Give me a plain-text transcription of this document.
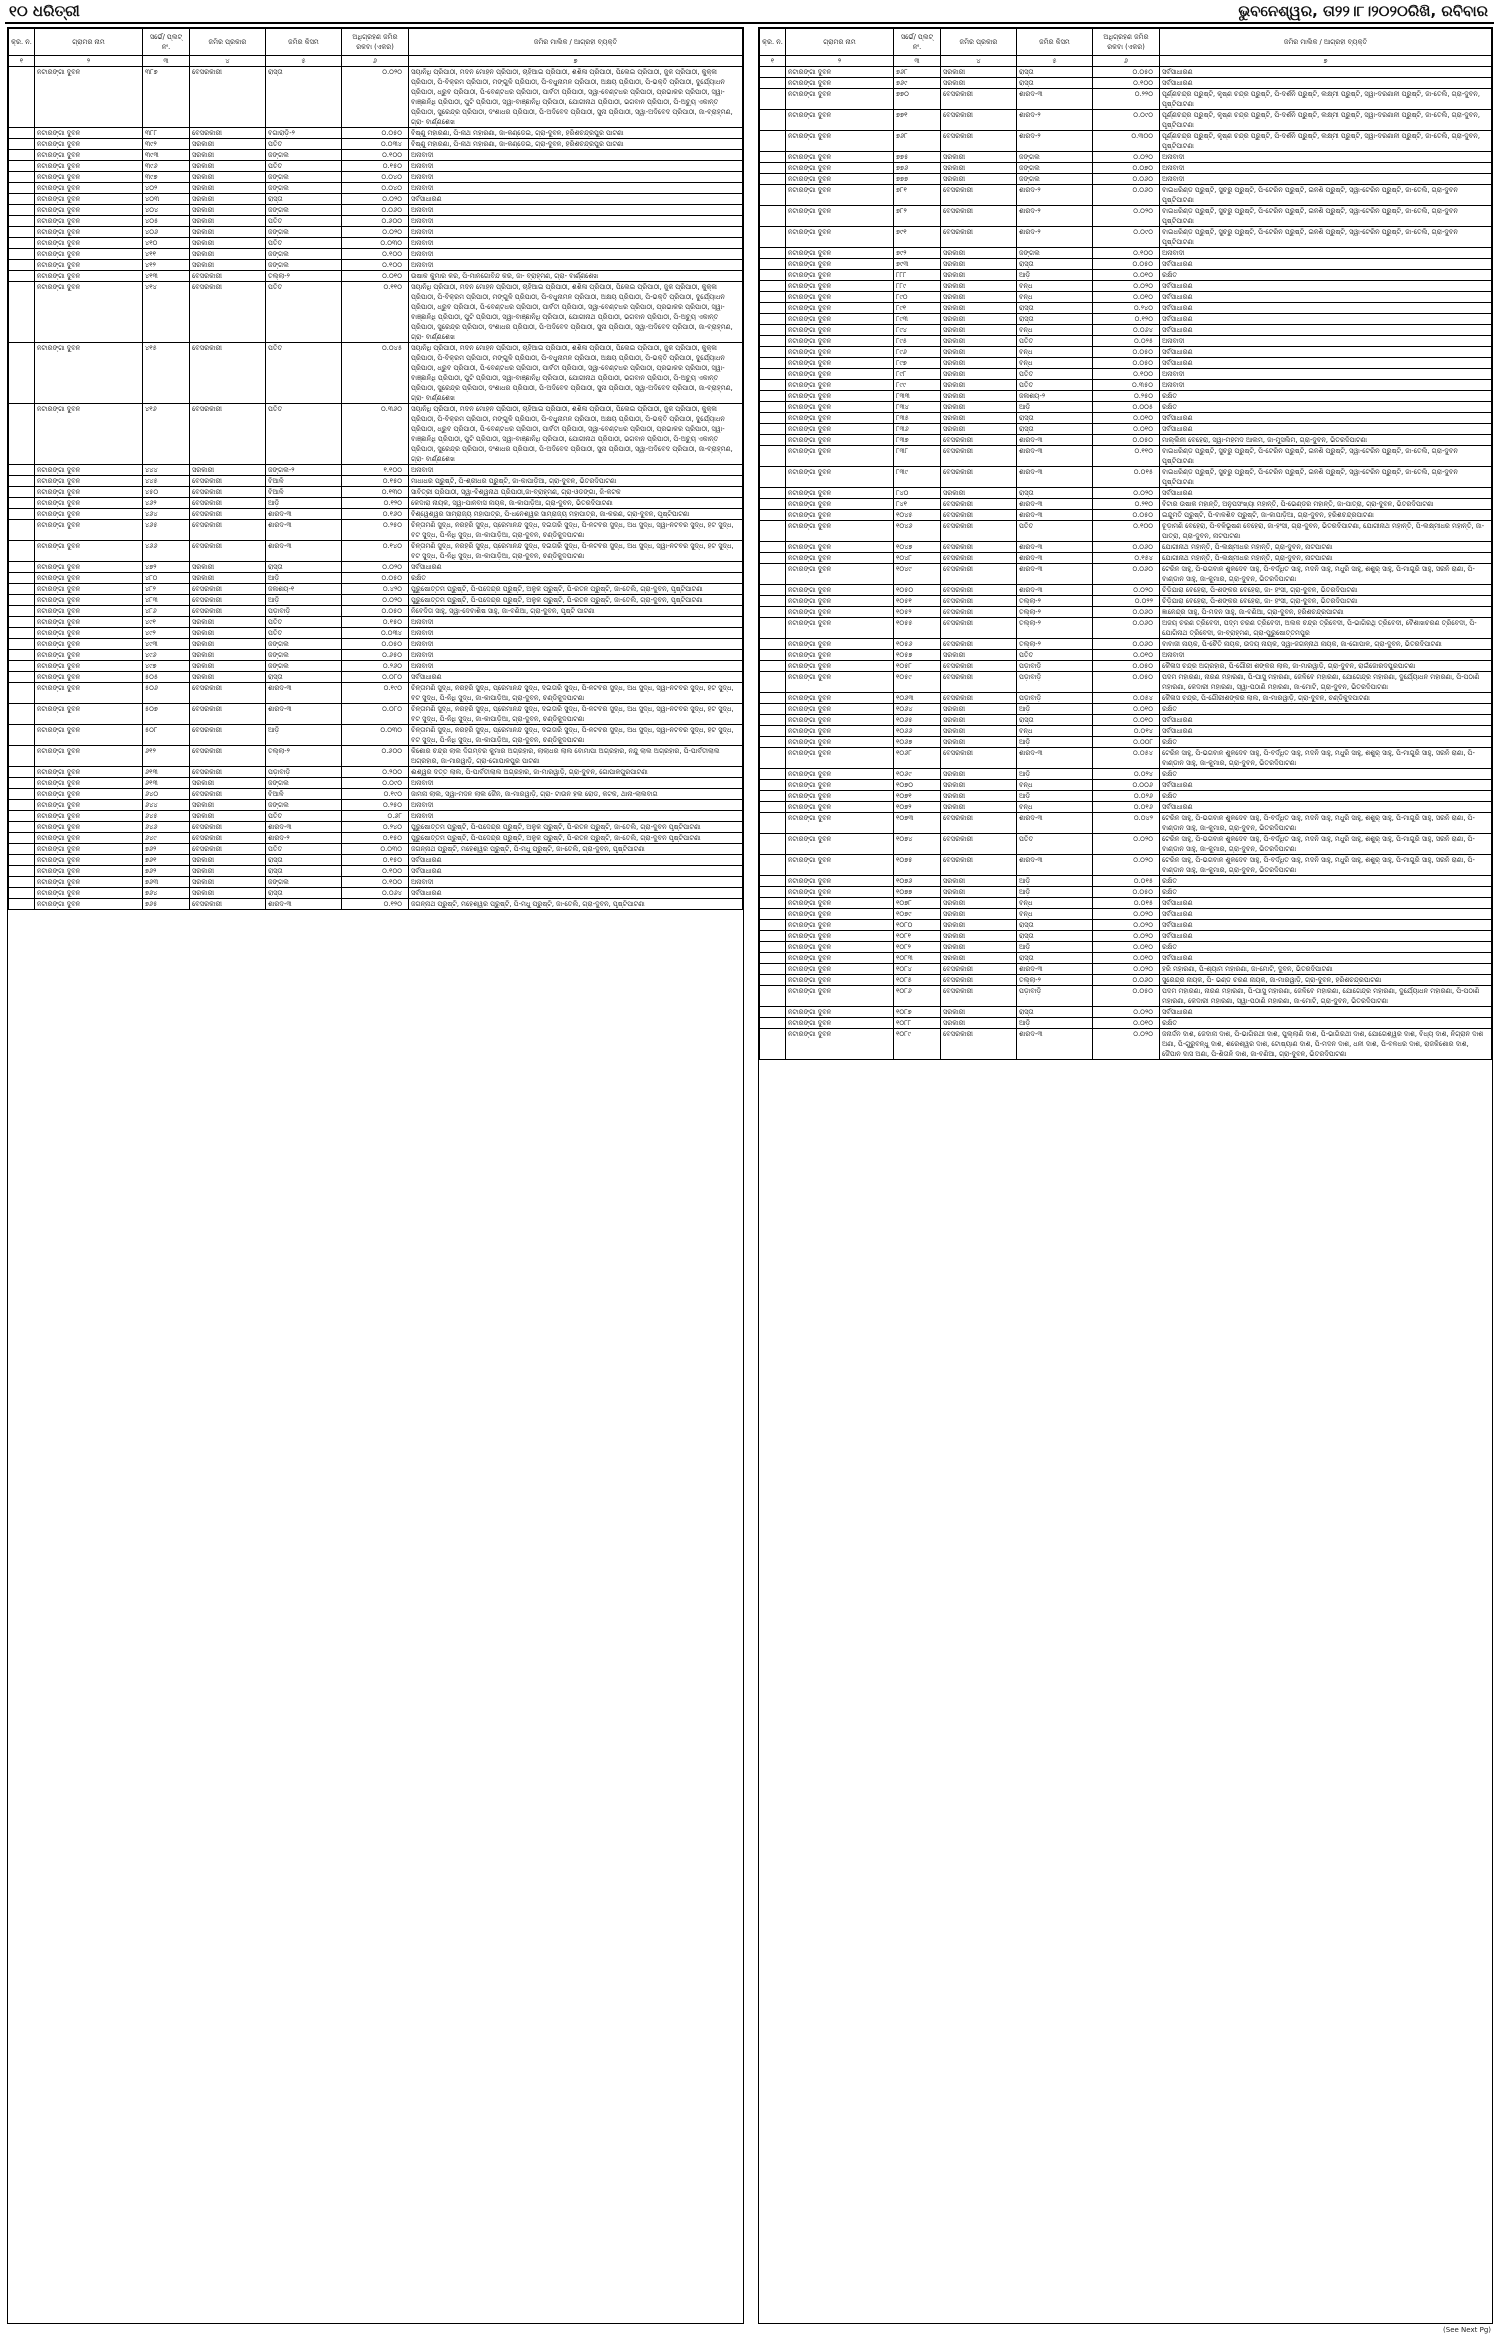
୧୦ ଧରିତ୍ରୀ	ଭୁବନେଶ୍ୱର, ତା୨୨।୮।୨୦୨୦ରିଖି, ରବିବାର
କ୍ର. ନ.	ଗ୍ରାମର ନାମ	ସର୍ଭେ/ ପ୍ଲଟ୍ ନଂ.	ଜମିର ପ୍ରକାର	ଜମିର କିସମ	ଅଧିଗ୍ରହଣ ଜମିର ରକବା (ଏକର)	ଜମିର ମାଲିକ / ଆଗ୍ରହୀ ବ୍ୟକ୍ତି
୧	୨	୩	୪	୫	୬	୭
	ନଟାରଙ୍ଗା ଦୁବନ	୩୮୭	ବେସରକାରୀ	ରାସ୍ତା	୦.୦୨୦	ସୟାନିଧି ପ୍ରିପାଠୀ, ମଦନ ମୋହନ ପ୍ରିପାଠୀ, ଚାହିଆଇ ପ୍ରିପାଠୀ, ଶଶିଳା ପ୍ରିପାଠୀ, ପିଲେଇ ପ୍ରିପାଠୀ, ଜୁକ ପ୍ରିପାଠୀ, କୁକ୍ଳା ପ୍ରିପାଠୀ, ପି-ବିକ୍ରମ ପ୍ରିପାଠୀ, ମଙ୍ଗୁଳି ପ୍ରିପାଠୀ, ପି-ବଧୁନାମନ ପ୍ରିପାଠୀ, ଅକ୍ଷୟ ପ୍ରିପାଠୀ, ପି-ଭକ୍ତି ପ୍ରିପାଠୀ, ଦୁର୍ଯ୍ୟୋଧନ ପ୍ରିପାଠୀ, ଧ୍ରୁବ ପ୍ରିପାଠୀ, ପି-ବେଣ୍ଟଧର ପ୍ରିପାଠୀ, ପାର୍ବତୀ ପ୍ରିପାଠୀ, ସ୍ୱା-ବେଣ୍ଟଧର ପ୍ରିପାଠୀ, ପ୍ରଭାକର ପ୍ରିପାଠୀ, ସ୍ୱା-ବାଞ୍ଛାନିଧି ପ୍ରିପାଠୀ, ପୁଟି ପ୍ରିପାଠୀ, ସ୍ୱା-ବାଞ୍ଛାନିଧି ପ୍ରିପାଠୀ, ଯୋଗୀନାଥ ପ୍ରିପାଠୀ, ଭଗବାନ ପ୍ରିପାଠୀ, ପି-ଅଚ୍ୟୁ ଏକାନ୍ତ ପ୍ରିପାଠୀ, ସୁରେନ୍ଦ୍ର ପ୍ରିପାଠୀ, ଦଂଶାଧର ପ୍ରିପାଠୀ, ପି-ଅଦିବେଦ ପ୍ରିପାଠୀ, ସୁନା ପ୍ରିପାଠୀ, ସ୍ୱା-ଅଦିବେଦ ପ୍ରିପାଠୀ, ଜା-ବ୍ରାହ୍ମଣ, ଗ୍ରା- ବାର୍ଣ୍ଣଶେଖ
	ନଟାରଙ୍ଗା ଦୁବନ	୩୮୮	ବେସରକାରୀ	ବଗାରାଡ଼ି-୨	୦.୦୫୦	ବିଷ୍ଣୁ ମହାରଣା, ପି-ନାଥ ମହାରଣା, ଜା-କଣ୍ଡେଇ, ଗ୍ରା-ଦୁବନ, ହରିଶଚନ୍ଦ୍ରପୁର ପାଟଣା
	ନଟାରଙ୍ଗା ଦୁବନ	୩୯୨	ସରକାରୀ	ପତିତ	୦.୦୩୪	ବିଷ୍ଣୁ ମହାରଣା, ପି-ନାଥ ମହାରଣା, ଜା-କଣ୍ଡେଇ, ଗ୍ରା-ଦୁବନ, ହରିଶଚନ୍ଦ୍ରପୁର ପାଟଣା
	ନଟାରଙ୍ଗା ଦୁବନ	୩୯୩	ସରକାରୀ	ଜଙ୍ଗଲ	୦.୧୦୦	ଅନାବାଦୀ
	ନଟାରଙ୍ଗା ଦୁବନ	୩୯୬	ସରକାରୀ	ପତିତ	୦.୧୫୦	ଅନାବାଦୀ
	ନଟାରଙ୍ଗା ଦୁବନ	୩୯୭	ସରକାରୀ	ଜଙ୍ଗଲ	୦.୦୪୦	ଅନାବାଦୀ
	ନଟାରଙ୍ଗା ଦୁବନ	୪୦୨	ସରକାରୀ	ଜଙ୍ଗଲ	୦.୦୪୦	ଅନାବାଦୀ
	ନଟାରଙ୍ଗା ଦୁବନ	୪୦୩	ସରକାରୀ	ରାସ୍ତା	୦.୦୨୦	ସର୍ବସାଧାରଣ
	ନଟାରଙ୍ଗା ଦୁବନ	୪୦୪	ସରକାରୀ	ଜଙ୍ଗଲ	୦.୦୬୦	ଅନାବାଦୀ
	ନଟାରଙ୍ଗା ଦୁବନ	୪୦୫	ସରକାରୀ	ପତିତ	୦.୬୦୦	ଅନାବାଦୀ
	ନଟାରଙ୍ଗା ଦୁବନ	୪୦୬	ସରକାରୀ	ଜଙ୍ଗଲ	୦.୦୨୦	ଅନାବାଦୀ
	ନଟାରଙ୍ଗା ଦୁବନ	୪୧୦	ସରକାରୀ	ପତିତ	୦.୦୩୦	ଅନାବାଦୀ
	ନଟାରଙ୍ଗା ଦୁବନ	୪୧୧	ସରକାରୀ	ଜଙ୍ଗଲ	୦.୧୦୦	ଅନାବାଦୀ
	ନଟାରଙ୍ଗା ଦୁବନ	୪୧୨	ସରକାରୀ	ଜଙ୍ଗଲ	୦.୧୦୦	ଅନାବାଦୀ
	ନଟାରଙ୍ଗା ଦୁବନ	୪୧୩	ବେସରକାରୀ	ତଲ୍ଲା-୨	୦.୦୧୦	ଉଷାକ କୁମାର କର, ପି-ମାନଗୋବିନ୍ଦ କର, ଜା- ବ୍ରାହ୍ମଣ, ଗ୍ରା- ବାର୍ଣ୍ଣଶେଖ
	ନଟାରଙ୍ଗା ଦୁବନ	୪୧୪	ବେସରକାରୀ	ପତିତ	୦.୧୧୦	ସୟାନିଧି ପ୍ରିପାଠୀ, ମଦନ ମୋହନ ପ୍ରିପାଠୀ, ଚାହିଆଇ ପ୍ରିପାଠୀ, ଶଶିଳା ପ୍ରିପାଠୀ, ପିଲେଇ ପ୍ରିପାଠୀ, ଜୁକ ପ୍ରିପାଠୀ, କୁକ୍ଳା ପ୍ରିପାଠୀ, ପି-ବିକ୍ରମ ପ୍ରିପାଠୀ, ମଙ୍ଗୁଳି ପ୍ରିପାଠୀ, ପି-ବଧୁନାମନ ପ୍ରିପାଠୀ, ଅକ୍ଷୟ ପ୍ରିପାଠୀ, ପି-ଭକ୍ତି ପ୍ରିପାଠୀ, ଦୁର୍ଯ୍ୟୋଧନ ପ୍ରିପାଠୀ, ଧ୍ରୁବ ପ୍ରିପାଠୀ, ପି-ବେଣ୍ଟଧର ପ୍ରିପାଠୀ, ପାର୍ବତୀ ପ୍ରିପାଠୀ, ସ୍ୱା-ବେଣ୍ଟଧର ପ୍ରିପାଠୀ, ପ୍ରଭାକର ପ୍ରିପାଠୀ, ସ୍ୱା-ବାଞ୍ଛାନିଧି ପ୍ରିପାଠୀ, ପୁଟି ପ୍ରିପାଠୀ, ସ୍ୱା-ବାଞ୍ଛାନିଧି ପ୍ରିପାଠୀ, ଯୋଗୀନାଥ ପ୍ରିପାଠୀ, ଭଗବାନ ପ୍ରିପାଠୀ, ପି-ଅଚ୍ୟୁ ଏକାନ୍ତ ପ୍ରିପାଠୀ, ସୁରେନ୍ଦ୍ର ପ୍ରିପାଠୀ, ଦଂଶାଧର ପ୍ରିପାଠୀ, ପି-ଅଦିବେଦ ପ୍ରିପାଠୀ, ସୁନା ପ୍ରିପାଠୀ, ସ୍ୱା-ଅଦିବେଦ ପ୍ରିପାଠୀ, ଜା-ବ୍ରାହ୍ମଣ, ଗ୍ରା- ବାର୍ଣ୍ଣଶେଖ
	ନଟାରଙ୍ଗା ଦୁବନ	୪୧୫	ବେସରକାରୀ	ପତିତ	୦.୦୪୫	ସୟାନିଧି ପ୍ରିପାଠୀ, ମଦନ ମୋହନ ପ୍ରିପାଠୀ, ଚାହିଆଇ ପ୍ରିପାଠୀ, ଶଶିଳା ପ୍ରିପାଠୀ, ପିଲେଇ ପ୍ରିପାଠୀ, ଜୁକ ପ୍ରିପାଠୀ, କୁକ୍ଳା ପ୍ରିପାଠୀ, ପି-ବିକ୍ରମ ପ୍ରିପାଠୀ, ମଙ୍ଗୁଳି ପ୍ରିପାଠୀ, ପି-ବଧୁନାମନ ପ୍ରିପାଠୀ, ଅକ୍ଷୟ ପ୍ରିପାଠୀ, ପି-ଭକ୍ତି ପ୍ରିପାଠୀ, ଦୁର୍ଯ୍ୟୋଧନ ପ୍ରିପାଠୀ, ଧ୍ରୁବ ପ୍ରିପାଠୀ, ପି-ବେଣ୍ଟଧର ପ୍ରିପାଠୀ, ପାର୍ବତୀ ପ୍ରିପାଠୀ, ସ୍ୱା-ବେଣ୍ଟଧର ପ୍ରିପାଠୀ, ପ୍ରଭାକର ପ୍ରିପାଠୀ, ସ୍ୱା-ବାଞ୍ଛାନିଧି ପ୍ରିପାଠୀ, ପୁଟି ପ୍ରିପାଠୀ, ସ୍ୱା-ବାଞ୍ଛାନିଧି ପ୍ରିପାଠୀ, ଯୋଗୀନାଥ ପ୍ରିପାଠୀ, ଭଗବାନ ପ୍ରିପାଠୀ, ପି-ଅଚ୍ୟୁ ଏକାନ୍ତ ପ୍ରିପାଠୀ, ସୁରେନ୍ଦ୍ର ପ୍ରିପାଠୀ, ଦଂଶାଧର ପ୍ରିପାଠୀ, ପି-ଅଦିବେଦ ପ୍ରିପାଠୀ, ସୁନା ପ୍ରିପାଠୀ, ସ୍ୱା-ଅଦିବେଦ ପ୍ରିପାଠୀ, ଜା-ବ୍ରାହ୍ମଣ, ଗ୍ରା- ବାର୍ଣ୍ଣଶେଖ
	ନଟାରଙ୍ଗା ଦୁବନ	୪୧୬	ବେସରକାରୀ	ପତିତ	୦.୩୬୦	ସୟାନିଧି ପ୍ରିପାଠୀ, ମଦନ ମୋହନ ପ୍ରିପାଠୀ, ଚାହିଆଇ ପ୍ରିପାଠୀ, ଶଶିଳା ପ୍ରିପାଠୀ, ପିଲେଇ ପ୍ରିପାଠୀ, ଜୁକ ପ୍ରିପାଠୀ, କୁକ୍ଳା ପ୍ରିପାଠୀ, ପି-ବିକ୍ରମ ପ୍ରିପାଠୀ, ମଙ୍ଗୁଳି ପ୍ରିପାଠୀ, ପି-ବଧୁନାମନ ପ୍ରିପାଠୀ, ଅକ୍ଷୟ ପ୍ରିପାଠୀ, ପି-ଭକ୍ତି ପ୍ରିପାଠୀ, ଦୁର୍ଯ୍ୟୋଧନ ପ୍ରିପାଠୀ, ଧ୍ରୁବ ପ୍ରିପାଠୀ, ପି-ବେଣ୍ଟଧର ପ୍ରିପାଠୀ, ପାର୍ବତୀ ପ୍ରିପାଠୀ, ସ୍ୱା-ବେଣ୍ଟଧର ପ୍ରିପାଠୀ, ପ୍ରଭାକର ପ୍ରିପାଠୀ, ସ୍ୱା-ବାଞ୍ଛାନିଧି ପ୍ରିପାଠୀ, ପୁଟି ପ୍ରିପାଠୀ, ସ୍ୱା-ବାଞ୍ଛାନିଧି ପ୍ରିପାଠୀ, ଯୋଗୀନାଥ ପ୍ରିପାଠୀ, ଭଗବାନ ପ୍ରିପାଠୀ, ପି-ଅଚ୍ୟୁ ଏକାନ୍ତ ପ୍ରିପାଠୀ, ସୁରେନ୍ଦ୍ର ପ୍ରିପାଠୀ, ଦଂଶାଧର ପ୍ରିପାଠୀ, ପି-ଅଦିବେଦ ପ୍ରିପାଠୀ, ସୁନା ପ୍ରିପାଠୀ, ସ୍ୱା-ଅଦିବେଦ ପ୍ରିପାଠୀ, ଜା-ବ୍ରାହ୍ମଣ, ଗ୍ରା- ବାର୍ଣ୍ଣଶେଖ
	ନଟାରଙ୍ଗା ଦୁବନ	୪୪୪	ସରକାରୀ	ଜଙ୍ଗଲ-୨	୧.୧୦୦	ଅନାବାଦୀ
	ନଟାରଙ୍ଗା ଦୁବନ	୪୪୫	ବେସରକାରୀ	ବିଆଳି	୦.୧୫୦	ମାଧାଧର ପ୍ରୁଷ୍ଟି, ପି-ଶ୍ରୀଧର ପ୍ରୁଷ୍ଟି, ଜା-କାପାଡ଼ିଆ, ଗ୍ରା-ଦୁବନ, ଭିତରଦିପାଟଣା
	ନଟାରଙ୍ଗା ଦୁବନ	୪୫୦	ବେସରକାରୀ	ବିଆଳି	୦.୧୩୦	ସାବିତ୍ରୀ ପ୍ରିପାଠୀ, ସ୍ୱା-ବିଶ୍ୱନାଥ ପ୍ରିପାଠୀ,ଜା-ବ୍ରାହ୍ମଣ, ଗ୍ରା-ଓଡଙ୍ଗା, ଜି-କଟକ
	ନଟାରଙ୍ଗା ଦୁବନ	୪୬୨	ବେସରକାରୀ	ଆଡ଼ି	୦.୧୨୦	କେଦାରା ନାୟକ, ସ୍ୱା-ପାନବାସ ନାୟକ, ଜା-କାପାଡ଼ିଆ, ଗ୍ରା-ଦୁବନ, ଭିତରଦିପାଟଣା
	ନଟାରଙ୍ଗା ଦୁବନ	୪୬୪	ବେସରକାରୀ	ଶାରଦ-୩	୦.୧୬୦	ବିଶ୍ୱେଶ୍ୱର ସାମ୍ରାଜ୍ୟ ମହାପାତ୍ର, ପି-ଧନେଶ୍ୱର ସାମ୍ରାଜ୍ୟ ମହାପାତ୍ର, ଜା-କରଣ, ଗ୍ରା-ଦୁବନ, ପୃଷ୍ଟିପାଟଣା
	ନଟାରଙ୍ଗା ଦୁବନ	୪୬୫	ବେସରକାରୀ	ଶାରଦ-୩	୦.୨୫୦	ଚିନ୍ତାମଣି ସୁଦ୍ଧ, ନରହରି ସୁଦ୍ଧ, ପ୍ରେମାନନ୍ଦ ସୁଦ୍ଧ, ଦଇତାରି ସୁଦ୍ଧ, ପି-ନଟବର ସୁଦ୍ଧ, ଅଧ ସୁଦ୍ଧ, ସ୍ୱା-ନଟବର ସୁଦ୍ଧ, ହଟ ସୁଦ୍ଧ, ବଟ ସୁଦ୍ଧ, ପି-ନିଧି ସୁଦ୍ଧ, ଜା-କାପାଡ଼ିଆ, ଗ୍ରା-ଦୁବନ, ଚଣ୍ଡିକୁଦପାଟଣା
	ନଟାରଙ୍ଗା ଦୁବନ	୪୬୬	ବେସରକାରୀ	ଶାରଦ-୩	୦.୧୪୦	ଚିନ୍ତାମଣି ସୁଦ୍ଧ, ନରହରି ସୁଦ୍ଧ, ପ୍ରେମାନନ୍ଦ ସୁଦ୍ଧ, ଦଇତାରି ସୁଦ୍ଧ, ପି-ନଟବର ସୁଦ୍ଧ, ଅଧ ସୁଦ୍ଧ, ସ୍ୱା-ନଟବର ସୁଦ୍ଧ, ହଟ ସୁଦ୍ଧ, ବଟ ସୁଦ୍ଧ, ପି-ନିଧି ସୁଦ୍ଧ, ଜା-କାପାଡ଼ିଆ, ଗ୍ରା-ଦୁବନ, ଚଣ୍ଡିକୁଦପାଟଣା
	ନଟାରଙ୍ଗା ଦୁବନ	୪୭୨	ସରକାରୀ	ରାସ୍ତା	୦.୦୨୦	ସର୍ବସାଧାରଣ
	ନଟାରଙ୍ଗା ଦୁବନ	୪୮୦	ସରକାରୀ	ଆଡ଼ି	୦.୦୫୦	ରକ୍ଷିତ
	ନଟାରଙ୍ଗା ଦୁବନ	୪୮୨	ବେସରକାରୀ	ଜଳାଶୟ-୧	୦.୪୨୦	ପୁରୁଷୋତ୍ତମ ପ୍ରୁଷ୍ଟି, ପି-ପଦେନ୍ଦ୍ର ପ୍ରୁଷ୍ଟି, ଅଳୁକ ପ୍ରୁଷ୍ଟି, ପି-ରତନ ପ୍ରୁଷ୍ଟି, ଜା-ତେଲି, ଗ୍ରା-ଦୁବନ, ପୃଷ୍ଟିପାଟଣା
	ନଟାରଙ୍ଗା ଦୁବନ	୪୮୩	ବେସରକାରୀ	ଆଡ଼ି	୦.୦୨୦	ପୁରୁଷୋତ୍ତମ ପ୍ରୁଷ୍ଟି, ପି-ପଦେନ୍ଦ୍ର ପ୍ରୁଷ୍ଟି, ଅଳୁକ ପ୍ରୁଷ୍ଟି, ପି-ରତନ ପ୍ରୁଷ୍ଟି, ଜା-ତେଲି, ଗ୍ରା-ଦୁବନ, ପୃଷ୍ଟିପାଟଣା
	ନଟାରଙ୍ଗା ଦୁବନ	୪୮୬	ବେସରକାରୀ	ପଡ଼ାବାଡ଼ି	୦.୦୫୦	ନିବେଦିତା ସାହୁ, ସ୍ୱା-ଦେବାଶିଷ ସାହୁ, ଜା-ବଣିଆ, ଗ୍ରା-ଦୁବନ, ପୃଷ୍ଟି ପାଟଣା
	ନଟାରଙ୍ଗା ଦୁବନ	୪୯୧	ସରକାରୀ	ପତିତ	୦.୧୫୦	ଅନାବାଦୀ
	ନଟାରଙ୍ଗା ଦୁବନ	୪୯୨	ସରକାରୀ	ପତିତ	୦.୦୩୪	ଅନାବାଦୀ
	ନଟାରଙ୍ଗା ଦୁବନ	୪୯୩	ସରକାରୀ	ଜଙ୍ଗଲ	୦.୦୫୦	ଅନାବାଦୀ
	ନଟାରଙ୍ଗା ଦୁବନ	୪୯୬	ସରକାରୀ	ଜଙ୍ଗଲ	୦.୬୫୦	ଅନାବାଦୀ
	ନଟାରଙ୍ଗା ଦୁବନ	୪୯୭	ସରକାରୀ	ଜଙ୍ଗଲ	୦.୨୬୦	ଅନାବାଦୀ
	ନଟାରଙ୍ଗା ଦୁବନ	୫୦୫	ସରକାରୀ	ରାସ୍ତା	୦.୦୮୦	ସର୍ବସାଧାରଣ
	ନଟାରଙ୍ଗା ଦୁବନ	୫୦୬	ବେସରକାରୀ	ଶାରଦ-୩	୦.୧୯୦	ଚିନ୍ତାମଣି ସୁଦ୍ଧ, ନରହରି ସୁଦ୍ଧ, ପ୍ରେମାନନ୍ଦ ସୁଦ୍ଧ, ଦଇତାରି ସୁଦ୍ଧ, ପି-ନଟବର ସୁଦ୍ଧ, ଅଧ ସୁଦ୍ଧ, ସ୍ୱା-ନଟବର ସୁଦ୍ଧ, ହଟ ସୁଦ୍ଧ, ବଟ ସୁଦ୍ଧ, ପି-ନିଧି ସୁଦ୍ଧ, ଜା-କାପାଡ଼ିଆ, ଗ୍ରା-ଦୁବନ, ଚଣ୍ଡିକୁଦପାଟଣା
	ନଟାରଙ୍ଗା ଦୁବନ	୫୦୭	ବେସରକାରୀ	ଶାରଦ-୩	୦.୦୮୦	ଚିନ୍ତାମଣି ସୁଦ୍ଧ, ନରହରି ସୁଦ୍ଧ, ପ୍ରେମାନନ୍ଦ ସୁଦ୍ଧ, ଦଇତାରି ସୁଦ୍ଧ, ପି-ନଟବର ସୁଦ୍ଧ, ଅଧ ସୁଦ୍ଧ, ସ୍ୱା-ନଟବର ସୁଦ୍ଧ, ହଟ ସୁଦ୍ଧ, ବଟ ସୁଦ୍ଧ, ପି-ନିଧି ସୁଦ୍ଧ, ଜା-କାପାଡ଼ିଆ, ଗ୍ରା-ଦୁବନ, ଚଣ୍ଡିକୁଦପାଟଣା
	ନଟାରଙ୍ଗା ଦୁବନ	୫୦୮	ବେସରକାରୀ	ଆଡ଼ି	୦.୦୩୦	ଚିନ୍ତାମଣି ସୁଦ୍ଧ, ନରହରି ସୁଦ୍ଧ, ପ୍ରେମାନନ୍ଦ ସୁଦ୍ଧ, ଦଇତାରି ସୁଦ୍ଧ, ପି-ନଟବର ସୁଦ୍ଧ, ଅଧ ସୁଦ୍ଧ, ସ୍ୱା-ନଟବର ସୁଦ୍ଧ, ହଟ ସୁଦ୍ଧ, ବଟ ସୁଦ୍ଧ, ପି-ନିଧି ସୁଦ୍ଧ, ଜା-କାପାଡ଼ିଆ, ଗ୍ରା-ଦୁବନ, ଚଣ୍ଡିକୁଦପାଟଣା
	ନଟାରଙ୍ଗା ଦୁବନ	୬୧୨	ବେସରକାରୀ	ତଲ୍ଲା-୨	୦.୬୦୦	କିଶୋର ଚନ୍ଦ୍ର ଲାଲ ଦିଗମ୍ବର କୁମାର ଅଗ୍ରହାର, ଲାଲାଧର ଲାଲ ବୋମାପା ଅଗ୍ରହାର, ନନ୍ଦୁ ଲାଲ ଅଗ୍ରହାର, ପି-ପାର୍ବତୀଲାଲ ଅଗ୍ରହାର, ଜା-ମାରୱାଡ଼ି, ଗ୍ରା-ଗୋପାଳପୁର ପାଟଣା
	ନଟାରଙ୍ଗା ଦୁବନ	୬୧୩	ବେସରକାରୀ	ପଡ଼ାବାଡ଼ି	୦.୨୦୦	ଈଶ୍ୱର ଦତ୍ତ ଲାଲ, ପି-ପାର୍ବତୀଲାଲ ଅଗ୍ରହାର, ଜା-ମାରୱାଡ଼ି, ଗ୍ରା-ଦୁବନ, ଗୋପାଳପୁରପାଟଣା
	ନଟାରଙ୍ଗା ଦୁବନ	୬୧୩	ସରକାରୀ	ଜଙ୍ଗଲ	୦.୦୯୦	ଅନାବାଦୀ
	ନଟାରଙ୍ଗା ଦୁବନ	୬୪୦	ବେସରକାରୀ	ବିଆଳି	୦.୧୯୦	ଜାମନା ଲାଲ, ସ୍ୱା-ମଦନ ଲାଲ ଜୈନ, ଜା-ମାରୱାଡ଼ି, ଗ୍ରା- ଟାଉନ ହଲ ରୋଡ, କଟକ, ଥାନା-ଲାଲବାଗ
	ନଟାରଙ୍ଗା ଦୁବନ	୬୪୪	ସରକାରୀ	ଜଙ୍ଗଲ	୦.୨୫୦	ଅନାବାଦୀ
	ନଟାରଙ୍ଗା ଦୁବନ	୬୪୫	ସରକାରୀ	ପତିତ	୦.୬୮	ଅନାବାଦୀ
	ନଟାରଙ୍ଗା ଦୁବନ	୬୪୬	ବେସରକାରୀ	ଶାରଦ-୩	୦.୨୪୦	ପୁରୁଷୋତ୍ତମ ପ୍ରୁଷ୍ଟି, ପି-ପଦେନ୍ଦ୍ର ପ୍ରୁଷ୍ଟି, ଅଳୁକ ପ୍ରୁଷ୍ଟି, ପି-ରତନ ପ୍ରୁଷ୍ଟି, ଜା-ତେଲି, ଗ୍ରା-ଦୁବନ ପୃଷ୍ଟିପାଟଣା
	ନଟାରଙ୍ଗା ଦୁବନ	୬୪୯	ବେସରକାରୀ	ଶାରଦ-୨	୦.୧୫୦	ପୁରୁଷୋତ୍ତମ ପ୍ରୁଷ୍ଟି, ପି-ପଦେନ୍ଦ୍ର ପ୍ରୁଷ୍ଟି, ଅଳୁକ ପ୍ରୁଷ୍ଟି, ପି-ରତନ ପ୍ରୁଷ୍ଟି, ଜା-ତେଲି, ଗ୍ରା-ଦୁବନ ପୃଷ୍ଟିପାଟଣା
	ନଟାରଙ୍ଗା ଦୁବନ	୭୬୨	ବେସରକାରୀ	ପତିତ	୦.୦୩୦	ଜଗନ୍ନାଥ ପ୍ରୁଷ୍ଟି, ମହେଶ୍ୱର ପ୍ରୁଷ୍ଟି, ପି-ମଧୁ ପ୍ରୁଷ୍ଟି, ଜା-ତେଲି, ଗ୍ରା-ଦୁବନ, ପୃଷ୍ଟିପାଟଣା
	ନଟାରଙ୍ଗା ଦୁବନ	୭୬୧	ସରକାରୀ	ରାସ୍ତା	୦.୧୫୦	ସର୍ବସାଧାରଣ
	ନଟାରଙ୍ଗା ଦୁବନ	୭୬୨	ସରକାରୀ	ରାସ୍ତା	୦.୧୦୦	ସର୍ବସାଧାରଣ
	ନଟାରଙ୍ଗା ଦୁବନ	୭୬୩	ସରକାରୀ	ଜଙ୍ଗଲ	୦.୧୦୦	ଅନାବାଦୀ
	ନଟାରଙ୍ଗା ଦୁବନ	୭୬୪	ସରକାରୀ	ରାସ୍ତା	୦.୦୬୪	ସର୍ବସାଧାରଣ
	ନଟାରଙ୍ଗା ଦୁବନ	୭୬୫	ବେସରକାରୀ	ଶାରଦ-୩	୦.୧୨୦	ଜଗନ୍ନାଥ ପ୍ରୁଷ୍ଟି, ମହେଶ୍ୱର ପ୍ରୁଷ୍ଟି, ପି-ମଧୁ ପ୍ରୁଷ୍ଟି, ଜା-ତେଲି, ଗ୍ରା-ଦୁବନ, ପୃଷ୍ଟିପାଟଣା
କ୍ର. ନ.	ଗ୍ରାମର ନାମ	ସର୍ଭେ/ ପ୍ଲଟ୍ ନଂ.	ଜମିର ପ୍ରକାର	ଜମିର କିସମ	ଅଧିଗ୍ରହଣ ଜମିର ରକବା (ଏକର)	ଜମିର ମାଲିକ / ଆଗ୍ରହୀ ବ୍ୟକ୍ତି
୧	୨	୩	୪	୫	୬	୭
	ନଟାରଙ୍ଗା ଦୁବନ	୭୬୮	ସରକାରୀ	ରାସ୍ତା	୦.୦୫୦	ସର୍ବସାଧାରଣ
	ନଟାରଙ୍ଗା ଦୁବନ	୭୬୯	ସରକାରୀ	ରାସ୍ତା	୦.୧୦୦	ସର୍ବସାଧାରଣ
	ନଟାରଙ୍ଗା ଦୁବନ	୭୭୦	ବେସରକାରୀ	ଶାରଦ-୩	୦.୨୨୦	ପୂର୍ଣ୍ଣଚନ୍ଦ୍ର ପ୍ରୁଷ୍ଟି, କୃଷ୍ଣ ଚନ୍ଦ୍ର ପ୍ରୁଷ୍ଟି, ପି-ଦର୍ଶନି ପ୍ରୁଷ୍ଟି, ଲକ୍ଷ୍ମୀ ପ୍ରୁଷ୍ଟି, ସ୍ୱା-ଦରଣାନୀ ପ୍ରୁଷ୍ଟି, ଜା-ତେଲି, ଗ୍ରା-ଦୁବନ, ପୃଷ୍ଟିପାଟଣା
	ନଟାରଙ୍ଗା ଦୁବନ	୭୭୧	ବେସରକାରୀ	ଶାରଦ-୨	୦.୦୯୦	ପୂର୍ଣ୍ଣଚନ୍ଦ୍ର ପ୍ରୁଷ୍ଟି, କୃଷ୍ଣ ଚନ୍ଦ୍ର ପ୍ରୁଷ୍ଟି, ପି-ଦର୍ଶନି ପ୍ରୁଷ୍ଟି, ଲକ୍ଷ୍ମୀ ପ୍ରୁଷ୍ଟି, ସ୍ୱା-ଦରଣାନୀ ପ୍ରୁଷ୍ଟି, ଜା-ତେଲି, ଗ୍ରା-ଦୁବନ, ପୃଷ୍ଟିପାଟଣା
	ନଟାରଙ୍ଗା ଦୁବନ	୭୬୮	ବେସରକାରୀ	ଶାରଦ-୨	୦.୩୦୦	ପୂର୍ଣ୍ଣଚନ୍ଦ୍ର ପ୍ରୁଷ୍ଟି, କୃଷ୍ଣ ଚନ୍ଦ୍ର ପ୍ରୁଷ୍ଟି, ପି-ଦର୍ଶନି ପ୍ରୁଷ୍ଟି, ଲକ୍ଷ୍ମୀ ପ୍ରୁଷ୍ଟି, ସ୍ୱା-ଦରଣାନୀ ପ୍ରୁଷ୍ଟି, ଜା-ତେଲି, ଗ୍ରା-ଦୁବନ, ପୃଷ୍ଟିପାଟଣା
	ନଟାରଙ୍ଗା ଦୁବନ	୭୭୫	ସରକାରୀ	ଜଙ୍ଗଲ	୦.୦୨୦	ଅନାବାଦୀ
	ନଟାରଙ୍ଗା ଦୁବନ	୭୭୬	ସରକାରୀ	ଜଙ୍ଗଲ	୦.୦୭୦	ଅନାବାଦୀ
	ନଟାରଙ୍ଗା ଦୁବନ	୭୭୭	ସରକାରୀ	ଜଙ୍ଗଲ	୦.୦୬୦	ଅନାବାଦୀ
	ନଟାରଙ୍ଗା ଦୁବନ	୭୮୧	ବେସରକାରୀ	ଶାରଦ-୨	୦.୦୬୦	ବାଇଧରିଣ୍ଡ ପ୍ରୁଷ୍ଟି, ସୁଚରୁ ପ୍ରୁଷ୍ଟି, ପି-ଟେରିନ ପ୍ରୁଷ୍ଟି, ଇନଶି ପ୍ରୁଷ୍ଟି, ସ୍ୱା-ଟେରିନ ପ୍ରୁଷ୍ଟି, ଜା-ତେଲି, ଗ୍ରା-ଦୁବନ ପୃଷ୍ଟିପାଟଣା
	ନଟାରଙ୍ଗା ଦୁବନ	୭୮୨	ବେସରକାରୀ	ଶାରଦ-୨	୦.୦୨୦	ବାଇଧରିଣ୍ଡ ପ୍ରୁଷ୍ଟି, ସୁଚରୁ ପ୍ରୁଷ୍ଟି, ପି-ଟେରିନ ପ୍ରୁଷ୍ଟି, ଇନଶି ପ୍ରୁଷ୍ଟି, ସ୍ୱା-ଟେରିନ ପ୍ରୁଷ୍ଟି, ଜା-ତେଲି, ଗ୍ରା-ଦୁବନ ପୃଷ୍ଟିପାଟଣା
	ନଟାରଙ୍ଗା ଦୁବନ	୭୯୧	ବେସରକାରୀ	ଶାରଦ-୨	୦.୦୯୦	ବାଇଧରିଣ୍ଡ ପ୍ରୁଷ୍ଟି, ସୁଚରୁ ପ୍ରୁଷ୍ଟି, ପି-ଟେରିନ ପ୍ରୁଷ୍ଟି, ଇନଶି ପ୍ରୁଷ୍ଟି, ସ୍ୱା-ଟେରିନ ପ୍ରୁଷ୍ଟି, ଜା-ତେଲି, ଗ୍ରା-ଦୁବନ ପୃଷ୍ଟିପାଟଣା
	ନଟାରଙ୍ଗା ଦୁବନ	୭୯୨	ସରକାରୀ	ଜଙ୍ଗଲ	୦.୧୦୦	ଅନାବାଦୀ
	ନଟାରଙ୍ଗା ଦୁବନ	୭୯୩	ସରକାରୀ	ରାସ୍ତା	୦.୦୫୦	ସର୍ବସାଧାରଣ
	ନଟାରଙ୍ଗା ଦୁବନ	୮୮୮	ସରକାରୀ	ଆଡ଼ି	୦.୦୧୦	ରକ୍ଷିତ
	ନଟାରଙ୍ଗା ଦୁବନ	୮୮୯	ସରକାରୀ	ବନ୍ଧ	୦.୦୨୦	ସର୍ବସାଧାରଣ
	ନଟାରଙ୍ଗା ଦୁବନ	୮୯୦	ସରକାରୀ	ବନ୍ଧ	୦.୦୧୦	ସର୍ବସାଧାରଣ
	ନଟାରଙ୍ଗା ଦୁବନ	୮୯୧	ସରକାରୀ	ରାସ୍ତା	୦.୨୪୦	ସର୍ବସାଧାରଣ
	ନଟାରଙ୍ଗା ଦୁବନ	୮୯୩	ସରକାରୀ	ରାସ୍ତା	୦.୧୨୦	ସର୍ବସାଧାରଣ
	ନଟାରଙ୍ଗା ଦୁବନ	୮୯୪	ସରକାରୀ	ବନ୍ଧ	୦.୦୬୪	ସର୍ବସାଧାରଣ
	ନଟାରଙ୍ଗା ଦୁବନ	୮୯୫	ସରକାରୀ	ପତିତ	୦.୦୨୫	ଅନାବାଦୀ
	ନଟାରଙ୍ଗା ଦୁବନ	୮୯୬	ସରକାରୀ	ବନ୍ଧ	୦.୦୫୦	ସର୍ବସାଧାରଣ
	ନଟାରଙ୍ଗା ଦୁବନ	୮୯୭	ସରକାରୀ	ବନ୍ଧ	୦.୦୫୦	ସର୍ବସାଧାରଣ
	ନଟାରଙ୍ଗା ଦୁବନ	୮୯୮	ସରକାରୀ	ପତିତ	୦.୧୦୦	ଅନାବାଦୀ
	ନଟାରଙ୍ଗା ଦୁବନ	୮୯୯	ସରକାରୀ	ପତିତ	୦.୩୫୦	ଅନାବାଦୀ
	ନଟାରଙ୍ଗା ଦୁବନ	୮୩୩	ସରକାରୀ	ଜଳାଶୟ-୨	୦.୨୫୦	ରକ୍ଷିତ
	ନଟାରଙ୍ଗା ଦୁବନ	୮୩୪	ସରକାରୀ	ଆଡ଼ି	୦.୦୦୫	ରକ୍ଷିତ
	ନଟାରଙ୍ଗା ଦୁବନ	୮୩୫	ସରକାରୀ	ରାସ୍ତା	୦.୦୧୦	ସର୍ବସାଧାରଣ
	ନଟାରଙ୍ଗା ଦୁବନ	୮୩୬	ସରକାରୀ	ରାସ୍ତା	୦.୦୧୦	ସର୍ବସାଧାରଣ
	ନଟାରଙ୍ଗା ଦୁବନ	୮୩୭	ବେସରକାରୀ	ଶାରଦ-୩	୦.୦୫୦	ମାଲ୍ଲିନୀ ବେହେରା, ସ୍ୱା-ମହମଦ ଆଲମ, ଜା-ମୁସଲିମ, ଗ୍ରା-ଦୁବନ, ଭିତରଦିପାଟଣା
	ନଟାରଙ୍ଗା ଦୁବନ	୮୩୮	ବେସରକାରୀ	ଶାରଦ-୩	୦.୧୧୦	ବାଇଧରିଣ୍ଡ ପ୍ରୁଷ୍ଟି, ସୁଚରୁ ପ୍ରୁଷ୍ଟି, ପି-ଟେରିନ ପ୍ରୁଷ୍ଟି, ଇନଶି ପ୍ରୁଷ୍ଟି, ସ୍ୱା-ଟେରିନ ପ୍ରୁଷ୍ଟି, ଜା-ତେଲି, ଗ୍ରା-ଦୁବନ ପୃଷ୍ଟିପାଟଣା
	ନଟାରଙ୍ଗା ଦୁବନ	୮୩୯	ବେସରକାରୀ	ଶାରଦ-୩	୦.୦୧୫	ବାଇଧରିଣ୍ଡ ପ୍ରୁଷ୍ଟି, ସୁଚରୁ ପ୍ରୁଷ୍ଟି, ପି-ଟେରିନ ପ୍ରୁଷ୍ଟି, ଇନଶି ପ୍ରୁଷ୍ଟି, ସ୍ୱା-ଟେରିନ ପ୍ରୁଷ୍ଟି, ଜା-ତେଲି, ଗ୍ରା-ଦୁବନ ପୃଷ୍ଟିପାଟଣା
	ନଟାରଙ୍ଗା ଦୁବନ	୮୪୦	ସରକାରୀ	ରାସ୍ତା	୦.୦୨୦	ସର୍ବସାଧାରଣ
	ନଟାରଙ୍ଗା ଦୁବନ	୮୪୧	ବେସରକାରୀ	ଶାରଦ-୩	୦.୨୧୦	ବିଟାର ଉଷାକ ମହାନ୍ତି, ଅନୁପସଂଖ୍ୟା ମହାନ୍ତି, ପି-ଭେଣ୍ଡର ମହାନ୍ତି, ଜା-ପାତ୍ରା, ଗ୍ରା-ଦୁବନ, ଭିତରଦିପାଟଣା
	ନଟାରଙ୍ଗା ଦୁବନ	୧୦୪୫	ବେସରକାରୀ	ଶାରଦ-୩	୦.୦୫୦	ଇନ୍ଦୁମତି ପ୍ରୁଷ୍ଟି, ପି-ବାଳଶିବ ପ୍ରୁଷ୍ଟି, ଜା-କାପାଡ଼ିଆ, ଗ୍ରା-ଦୁବନ, ହରିଶଚନ୍ଦ୍ରପାଟଣା
	ନଟାରଙ୍ଗା ଦୁବନ	୧୦୪୬	ବେସରକାରୀ	ପତିତ	୦.୧୦୦	ଚୂଡ଼ାମଣି ବେହେରା, ପି-ବଳିଭୂଷଣ ବେହେରା, ଜା-ହଂସୀ, ଗ୍ରା-ଦୁବନ, ଭିତରଦିପାଟଣା, ଯୋଗୀନାଥ ମହାନ୍ତି, ପି-ଲକ୍ଷ୍ମୀଧର ମହାନ୍ତି, ଜା-ପାତ୍ରା, ଗ୍ରା-ଦୁବନ, ନାଟପାଟଣା
	ନଟାରଙ୍ଗା ଦୁବନ	୧୦୪୭	ବେସରକାରୀ	ଶାରଦ-୩	୦.୦୬୦	ଯୋଗୀନାଥ ମହାନ୍ତି, ପି-ଲକ୍ଷ୍ମୀଧର ମହାନ୍ତି, ଗ୍ରା-ଦୁବନ, ନାଟପାଟଣା
	ନଟାରଙ୍ଗା ଦୁବନ	୧୦୪୮	ବେସରକାରୀ	ଶାରଦ-୩	୦.୧୫୪	ଯୋଗୀନାଥ ମହାନ୍ତି, ପି-ଲକ୍ଷ୍ମୀଧର ମହାନ୍ତି, ଗ୍ରା-ଦୁବନ, ନାଟପାଟଣା
	ନଟାରଙ୍ଗା ଦୁବନ	୧୦୪୯	ବେସରକାରୀ	ଶାରଦ-୩	୦.୦୬୦	ଟେରିନ ସାହୁ, ପି-ଭଗବାନ ଶୁଳଦେବ ସାହୁ, ପି-ବର୍ଦ୍ଧିତ ସାହୁ, ମଦନି ସାହୁ, ମଧୁରି ସାହୁ, ଶଶୁର୍ ସାହୁ, ପି-ମାଗୁରି ସାହୁ, ସରନି ରାଣା, ପି-ବାଣ୍ଡାନ ସାହୁ, ଜା-କୁମାର, ଗ୍ରା-ଦୁବନ, ଭିତରଦିପାଟଣା
	ନଟାରଙ୍ଗା ଦୁବନ	୧୦୫୦	ବେସରକାରୀ	ଶାରଦ-୩	୦.୦୨୦	ଚିଡ଼ିଯାରା ବେହେରା, ପି-ଶଙ୍କର ବେହେରା, ଜା- ହଂସୀ, ଗ୍ରା-ଦୁବନ, ଭିତରଦିପାଟଣା
	ନଟାରଙ୍ଗା ଦୁବନ	୧୦୫୧	ବେସରକାରୀ	ତଲ୍ଲା-୨	୦.୦୨୨	ଚିଡ଼ିଯାରା ବେହେରା, ପି-ଶଙ୍କର ବେହେରା, ଜା- ହଂସୀ, ଗ୍ରା-ଦୁବନ, ଭିତରଦିପାଟଣା
	ନଟାରଙ୍ଗା ଦୁବନ	୧୦୫୨	ବେସରକାରୀ	ତଲ୍ଲା-୨	୦.୦୬୦	ଜ୍ଞାନେନ୍ଦ୍ର ସାହୁ, ପି-ମଦନ ସାହୁ, ଜା-ବଣିଆ, ଗ୍ରା-ଦୁବନ, ହରିଶଚନ୍ଦ୍ରପାଟଣା
	ନଟାରଙ୍ଗା ଦୁବନ	୧୦୫୫	ବେସରକାରୀ	ତଲ୍ଲା-୨	୦.୦୬୦	ଅଜୟ ଚରଣ ତ୍ରିବେଦୀ, ପଦ୍ମ ଚରଣ ତ୍ରିବେଦୀ, ଅଲକ ଚନ୍ଦ୍ର ତ୍ରିବେଦୀ, ପି-ଭାଗିରଥି ତ୍ରିବେଦୀ, ବୈଶାଖଚରଣ ତ୍ରିବେଦୀ, ପି-ଯୋଗିନାଥ ତ୍ରିବେଦୀ, ଜା-ବ୍ରାହ୍ମଣ, ଗ୍ରା-ପୁରୁଷୋତ୍ତମପୁର
	ନଟାରଙ୍ଗା ଦୁବନ	୧୦୫୬	ବେସରକାରୀ	ତଲ୍ଲା-୨	୦.୦୬୦	ବାବାଜୀ ନାୟକ, ପି-ଚୈତି ନାୟକ, ଉଦୟ ନାୟକ, ସ୍ୱା-ଜଗନ୍ନାଥ ନାୟକ, ଜା-ଗୋପାଳ, ଗ୍ରା-ଦୁବନ, ଭିତରଦିପାଟଣା
	ନଟାରଙ୍ଗା ଦୁବନ	୧୦୫୭	ସରକାରୀ	ପତିତ	୦.୦୧୦	ଅନାବାଦୀ
	ନଟାରଙ୍ଗା ଦୁବନ	୧୦୫୮	ବେସରକାରୀ	ପଡ଼ାବାଡ଼ି	୦.୦୫୦	କୈଳାସ ଚନ୍ଦ୍ର ଅଗ୍ରହାର, ପି-ଗୌରୀ ଶଙ୍କର ଲାଲ, ଜା-ମାରୱାଡ଼ି, ଗ୍ରା-ଦୁବନ, ରାଇଁଜୋରଦପୁରପାଟଣା
	ନଟାରଙ୍ଗା ଦୁବନ	୧୦୫୯	ବେସରକାରୀ	ପଡ଼ାବାଡ଼ି	୦.୦୫୦	ପଦମ ମହାରଣା, ନାରଣ ମହାରଣା, ପି-ଘାସୁ ମହାରଣା, ଜେଳିବେ ମହାରଣା, ଯୋଗେନ୍ଦ୍ର ମହାରଣା, ଦୁର୍ଯ୍ୟୋଧନ ମହାରଣା, ପି-ପଠାଣି ମହାରଣା, କେଦାରୀ ମହାରଣା, ସ୍ୱା-ପଠାଣି ମହାରଣା, ଜା-ମୋଟି, ଗ୍ରା-ଦୁବନ, ଭିତରଦିପାଟଣା
	ନଟାରଙ୍ଗା ଦୁବନ	୧୦୬୩	ବେସରକାରୀ	ପଡ଼ାବାଡ଼ି	୦.୦୫୪	କୈଳାସ ଚନ୍ଦ୍ର, ପି-ଗୌରୀଶଙ୍କର ଲାଲ, ଜା-ମାରୱାଡ଼ି, ଗ୍ରା-ଦୁବନ, ଚଣ୍ଡିକୁଦପାଟଣା
	ନଟାରଙ୍ଗା ଦୁବନ	୧୦୬୪	ସରକାରୀ	ଆଡ଼ି	୦.୦୧୦	ରକ୍ଷିତ
	ନଟାରଙ୍ଗା ଦୁବନ	୧୦୬୫	ସରକାରୀ	ରାସ୍ତା	୦.୦୧୦	ସର୍ବସାଧାରଣ
	ନଟାରଙ୍ଗା ଦୁବନ	୧୦୬୬	ସରକାରୀ	ବନ୍ଧ	୦.୦୧୪	ସର୍ବସାଧାରଣ
	ନଟାରଙ୍ଗା ଦୁବନ	୧୦୬୭	ସରକାରୀ	ଆଡ଼ି	୦.୦୦୮	ରକ୍ଷିତ
	ନଟାରଙ୍ଗା ଦୁବନ	୧୦୬୮	ବେସରକାରୀ	ଶାରଦ-୩	୦.୦୫୪	ଟେରିନ ସାହୁ, ପି-ଭଗବାନ ଶୁଳଦେବ ସାହୁ, ପି-ବର୍ଦ୍ଧିତ ସାହୁ, ମଦନି ସାହୁ, ମଧୁରି ସାହୁ, ଶଶୁର୍ ସାହୁ, ପି-ମାଗୁରି ସାହୁ, ସରନି ରାଣା, ପି-ବାଣ୍ଡାନ ସାହୁ, ଜା-କୁମାର, ଗ୍ରା-ଦୁବନ, ଭିତରଦିପାଟଣା
	ନଟାରଙ୍ଗା ଦୁବନ	୧୦୬୯	ସରକାରୀ	ଆଡ଼ି	୦.୦୨୪	ରକ୍ଷିତ
	ନଟାରଙ୍ଗା ଦୁବନ	୧୦୭୦	ସରକାରୀ	ବନ୍ଧ	୦.୦୦୬	ସର୍ବସାଧାରଣ
	ନଟାରଙ୍ଗା ଦୁବନ	୧୦୭୧	ସରକାରୀ	ଆଡ଼ି	୦.୦୨୬	ରକ୍ଷିତ
	ନଟାରଙ୍ଗା ଦୁବନ	୧୦୭୨	ସରକାରୀ	ବନ୍ଧ	୦.୦୧୬	ସର୍ବସାଧାରଣ
	ନଟାରଙ୍ଗା ଦୁବନ	୧୦୭୩	ବେସରକାରୀ	ଶାରଦ-୩	୦.୦୪୨	ଟେରିନ ସାହୁ, ପି-ଭଗବାନ ଶୁଳଦେବ ସାହୁ, ପି-ବର୍ଦ୍ଧିତ ସାହୁ, ମଦନି ସାହୁ, ମଧୁରି ସାହୁ, ଶଶୁର୍ ସାହୁ, ପି-ମାଗୁରି ସାହୁ, ସରନି ରାଣା, ପି-ବାଣ୍ଡାନ ସାହୁ, ଜା-କୁମାର, ଗ୍ରା-ଦୁବନ, ଭିତରଦିପାଟଣା
	ନଟାରଙ୍ଗା ଦୁବନ	୧୦୭୪	ବେସରକାରୀ	ପତିତ	୦.୦୨୦	ଟେରିନ ସାହୁ, ପି-ଭଗବାନ ଶୁଳଦେବ ସାହୁ, ପି-ବର୍ଦ୍ଧିତ ସାହୁ, ମଦନି ସାହୁ, ମଧୁରି ସାହୁ, ଶଶୁର୍ ସାହୁ, ପି-ମାଗୁରି ସାହୁ, ସରନି ରାଣା, ପି-ବାଣ୍ଡାନ ସାହୁ, ଜା-କୁମାର, ଗ୍ରା-ଦୁବନ, ଭିତରଦିପାଟଣା
	ନଟାରଙ୍ଗା ଦୁବନ	୧୦୭୫	ବେସରକାରୀ	ଶାରଦ-୩	୦.୦୨୦	ଟେରିନ ସାହୁ, ପି-ଭଗବାନ ଶୁଳଦେବ ସାହୁ, ପି-ବର୍ଦ୍ଧିତ ସାହୁ, ମଦନି ସାହୁ, ମଧୁରି ସାହୁ, ଶଶୁର୍ ସାହୁ, ପି-ମାଗୁରି ସାହୁ, ସରନି ରାଣା, ପି-ବାଣ୍ଡାନ ସାହୁ, ଜା-କୁମାର, ଗ୍ରା-ଦୁବନ, ଭିତରଦିପାଟଣା
	ନଟାରଙ୍ଗା ଦୁବନ	୧୦୭୬	ସରକାରୀ	ଆଡ଼ି	୦.୦୧୫	ରକ୍ଷିତ
	ନଟାରଙ୍ଗା ଦୁବନ	୧୦୭୭	ସରକାରୀ	ଆଡ଼ି	୦.୦୫୦	ରକ୍ଷିତ
	ନଟାରଙ୍ଗା ଦୁବନ	୧୦୭୮	ସରକାରୀ	ବନ୍ଧ	୦.୦୧୫	ସର୍ବସାଧାରଣ
	ନଟାରଙ୍ଗା ଦୁବନ	୧୦୭୯	ସରକାରୀ	ବନ୍ଧ	୦.୦୨୦	ସର୍ବସାଧାରଣ
	ନଟାରଙ୍ଗା ଦୁବନ	୧୦୮୦	ସରକାରୀ	ରାସ୍ତା	୦.୦୨୦	ସର୍ବସାଧାରଣ
	ନଟାରଙ୍ଗା ଦୁବନ	୧୦୮୧	ସରକାରୀ	ରାସ୍ତା	୦.୦୨୦	ସର୍ବସାଧାରଣ
	ନଟାରଙ୍ଗା ଦୁବନ	୧୦୮୨	ସରକାରୀ	ଆଡ଼ି	୦.୦୧୦	ରକ୍ଷିତ
	ନଟାରଙ୍ଗା ଦୁବନ	୧୦୮୩	ସରକାରୀ	ରାସ୍ତା	୦.୦୧୦	ସର୍ବସାଧାରଣ
	ନଟାରଙ୍ଗା ଦୁବନ	୧୦୮୪	ବେସରକାରୀ	ଶାରଦ-୩	୦.୦୨୦	ହରି ମହାରଣା, ପି-ଶ୍ୟାମ ମହାରଣା, ଜା-ମୋଟି, ଦୁବନ, ଭିତରଦିପାଟଣା
	ନଟାରଙ୍ଗା ଦୁବନ	୧୦୮୫	ବେସରକାରୀ	ତଲ୍ଲା-୨	୦.୦୬୦	ସୁରେନ୍ଦ୍ର ନାୟକ, ପି- ଭଣ୍ଡ ଚରଣ ନାୟକ, ଜା-ମାରୱାଡ଼ି, ଗ୍ରା-ଦୁବନ, ହରିଶଚନ୍ଦ୍ରପାଟଣା
	ନଟାରଙ୍ଗା ଦୁବନ	୧୦୮୬	ବେସରକାରୀ	ପଡ଼ାବାଡ଼ି	୦.୦୫୦	ପଦମ ମହାରଣା, ନାରଣ ମହାରଣା, ପି-ଘାସୁ ମହାରଣା, ଜେଳିବେ ମହାରଣା, ଯୋଗେନ୍ଦ୍ର ମହାରଣା, ଦୁର୍ଯ୍ୟୋଧନ ମହାରଣା, ପି-ପଠାଣି ମହାରଣା, କେଦାରୀ ମହାରଣା, ସ୍ୱା-ପଠାଣି ମହାରଣା, ଜା-ମୋଟି, ଗ୍ରା-ଦୁବନ, ଭିତରଦିପାଟଣା
	ନଟାରଙ୍ଗା ଦୁବନ	୧୦୮୭	ସରକାରୀ	ରାସ୍ତା	୦.୦୨୦	ସର୍ବସାଧାରଣ
	ନଟାରଙ୍ଗା ଦୁବନ	୧୦୮୮	ସରକାରୀ	ଆଡ଼ି	୦.୦୧୦	ରକ୍ଷିତ
	ନଟାରଙ୍ଗା ଦୁବନ	୧୦୮୯	ବେସରକାରୀ	ଶାରଦ-୩	୦.୦୨୦	ଜନାର୍ଦ୍ଦନ ଦାଶ, ଜେଦାନା ଦାଶ, ପି-ଭାଗିରଥୀ ଦାଶ, ପୁଲ୍ଲାଣି ଦାଶ, ପି-ଭାଗିରଥୀ ଦାଶ, ଯୋଗେଶ୍ୱର ଦାଶ, ବିଧ୍ୟ ଦାଶ, ନିଗ୍ରାନ ଦାଶ ଅଣା, ପି-ଗୁରୁବନ୍ଧୁ ଦାଶ, ଶରେଶ୍ୱର ଦାଶ, ଟୋଷ୍ୟାଣ ଦାଶ, ପି-ମଦନ ଦାଶ, ଧନୀ ଦାଶ, ପି-ବଳଧର ଦାଶ, ରାଜକିଶୋର ଦାଶ, ଜୈପାନ ଦାସ ଅଣା, ପି-ଶିତାନି ଦାଶ, ଜା-ବଣିଆ, ଗ୍ରା-ଦୁବନ, ଭିତରଦିପାଟଣା
(See Next Pg)
